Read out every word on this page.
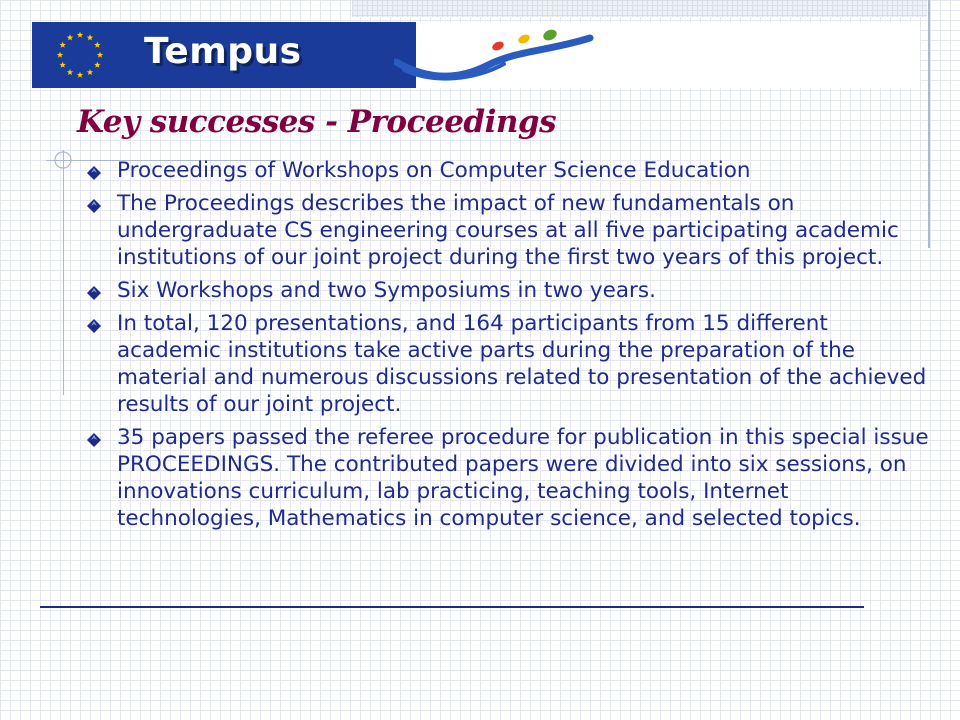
Tempus
Key successes - Proceedings
Proceedings of Workshops on Computer Science Education
The Proceedings describes the impact of new fundamentals on undergraduate CS engineering courses at all five participating academic institutions of our joint project during the first two years of this project.
Six Workshops and two Symposiums in two years.
In total, 120 presentations, and 164 participants from 15 different academic institutions take active parts during the preparation of the material and numerous discussions related to presentation of the achieved results of our joint project.
35 papers passed the referee procedure for publication in this special issue PROCEEDINGS. The contributed papers were divided into six sessions, on innovations curriculum, lab practicing, teaching tools, Internet technologies, Mathematics in computer science, and selected topics.
